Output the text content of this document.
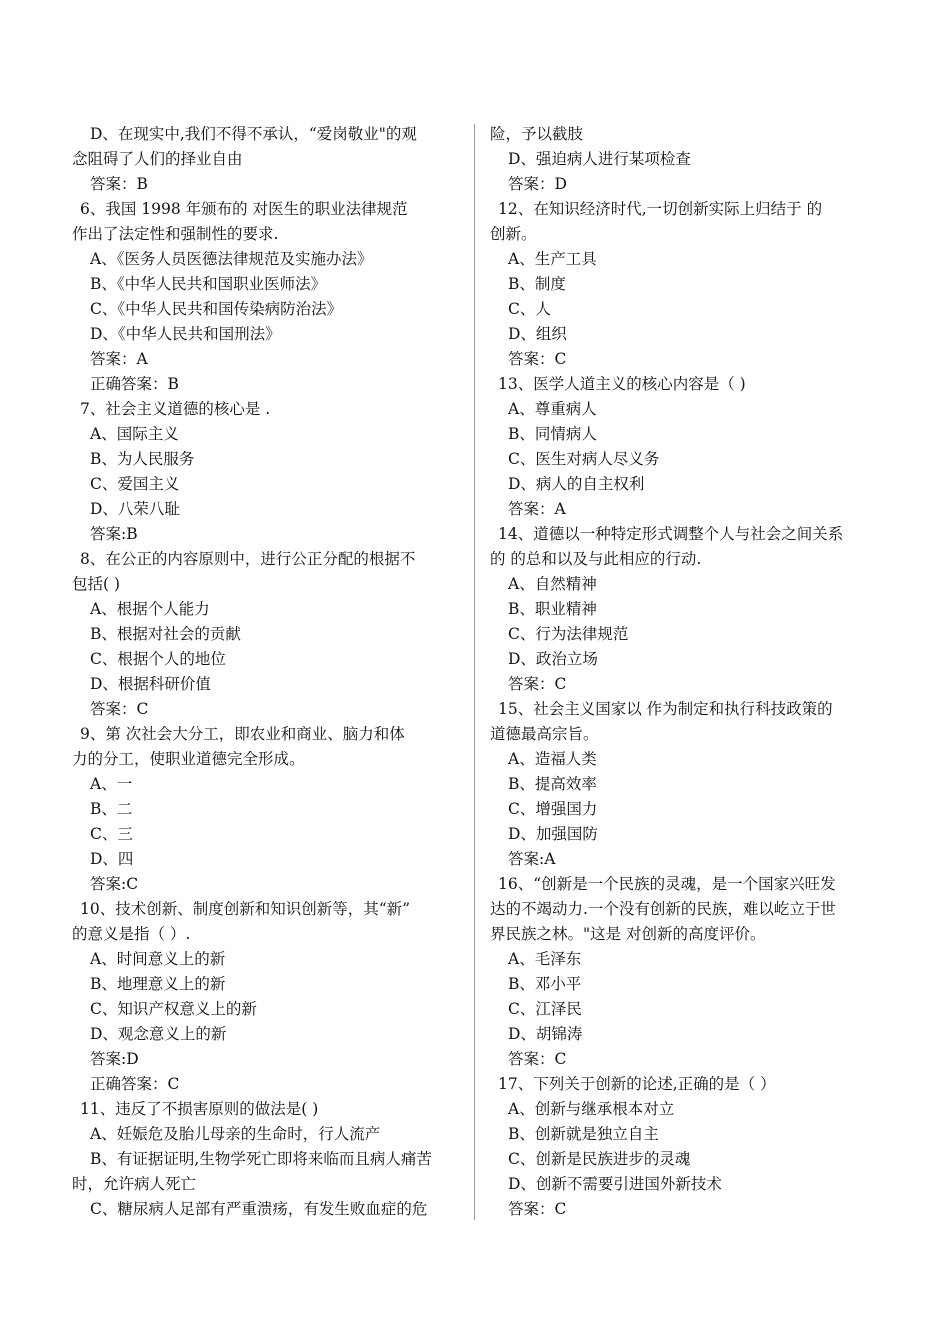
D、在现实中,我们不得不承认，“爱岗敬业"的观
念阻碍了人们的择业自由
答案：B
6、我国 1998 年颁布的 对医生的职业法律规范
作出了法定性和强制性的要求.
A、《医务人员医德法律规范及实施办法》
B、《中华人民共和国职业医师法》
C、《中华人民共和国传染病防治法》
D、《中华人民共和国刑法》
答案：A
正确答案：B
7、社会主义道德的核心是 .
A、国际主义
B、为人民服务
C、爱国主义
D、八荣八耻
答案:B
8、在公正的内容原则中，进行公正分配的根据不
包括( )
A、根据个人能力
B、根据对社会的贡献
C、根据个人的地位
D、根据科研价值
答案：C
9、第 次社会大分工，即农业和商业、脑力和体
力的分工，使职业道德完全形成。
A、一
B、二
C、三
D、四
答案:C
10、技术创新、制度创新和知识创新等，其“新”
的意义是指（ ）.
A、时间意义上的新
B、地理意义上的新
C、知识产权意义上的新
D、观念意义上的新
答案:D
正确答案：C
11、违反了不损害原则的做法是( )
A、妊娠危及胎儿母亲的生命时，行人流产
B、有证据证明,生物学死亡即将来临而且病人痛苦
时，允许病人死亡
C、糖尿病人足部有严重溃疡，有发生败血症的危
险，予以截肢
D、强迫病人进行某项检查
答案：D
12、在知识经济时代,一切创新实际上归结于 的
创新。
A、生产工具
B、制度
C、人
D、组织
答案：C
13、医学人道主义的核心内容是（ )
A、尊重病人
B、同情病人
C、医生对病人尽义务
D、病人的自主权利
答案：A
14、道德以一种特定形式调整个人与社会之间关系
的 的总和以及与此相应的行动.
A、自然精神
B、职业精神
C、行为法律规范
D、政治立场
答案：C
15、社会主义国家以 作为制定和执行科技政策的
道德最高宗旨。
A、造福人类
B、提高效率
C、增强国力
D、加强国防
答案:A
16、“创新是一个民族的灵魂，是一个国家兴旺发
达的不竭动力.一个没有创新的民族，难以屹立于世
界民族之林。"这是 对创新的高度评价。
A、毛泽东
B、邓小平
C、江泽民
D、胡锦涛
答案：C
17、下列关于创新的论述,正确的是（ ）
A、创新与继承根本对立
B、创新就是独立自主
C、创新是民族进步的灵魂
D、创新不需要引进国外新技术
答案：C
